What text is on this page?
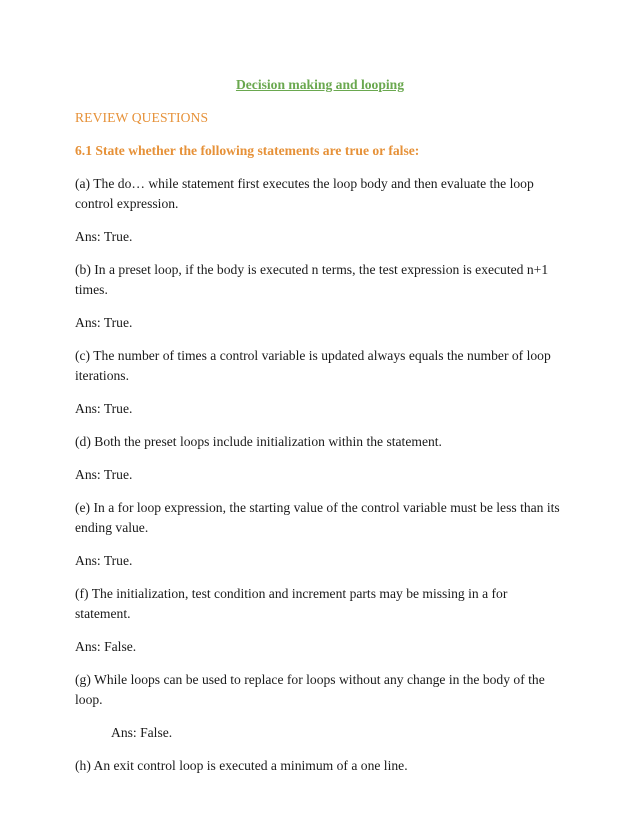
Decision making and looping
REVIEW QUESTIONS
6.1 State whether the following statements are true or false:
(a) The do… while statement first executes the loop body and then evaluate the loop control expression.
Ans: True.
(b) In a preset loop, if the body is executed n terms, the test expression is executed n+1 times.
Ans: True.
(c) The number of times a control variable is updated always equals the number of loop iterations.
Ans: True.
(d) Both the preset loops include initialization within the statement.
Ans: True.
(e) In a for loop expression, the starting value of the control variable must be less than its ending value.
Ans: True.
(f) The initialization, test condition and increment parts may be missing in a for statement.
Ans: False.
(g) While loops can be used to replace for loops without any change in the body of the loop.
Ans: False.
(h) An exit control loop is executed a minimum of a one line.
